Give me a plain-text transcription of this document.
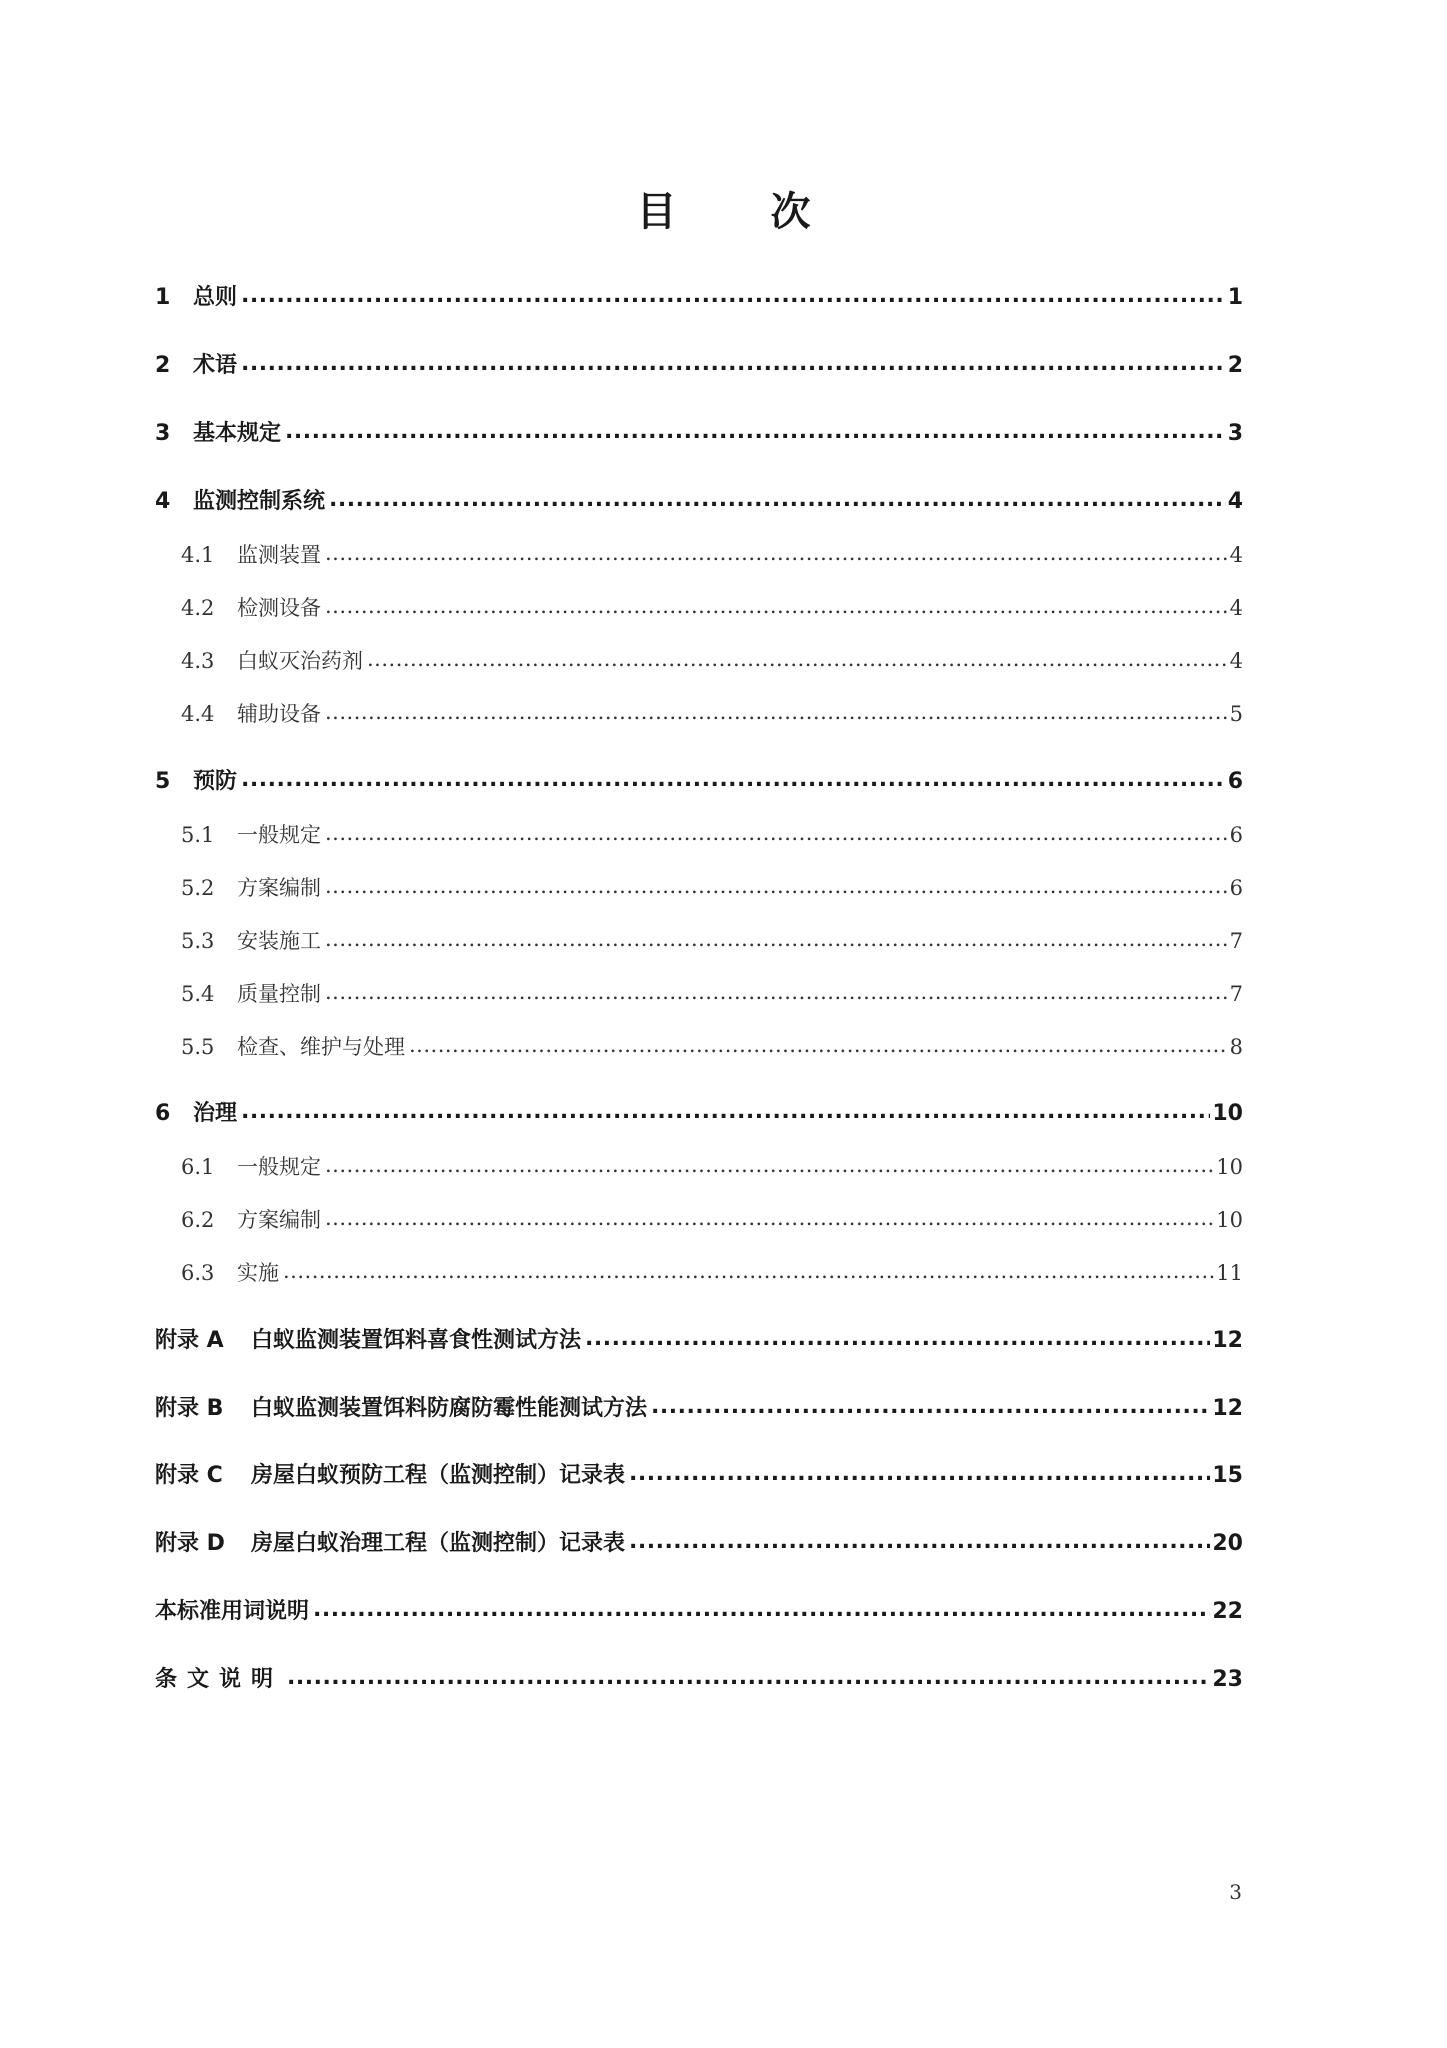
目 次
1	总则 .....	1
2	术语 .....	2
3	基本规定 .....	3
4	监测控制系统 .....	4
4.1	监测装置 .....	4
4.2	检测设备 .....	4
4.3	白蚁灭治药剂 .....	4
4.4	辅助设备 .....	5
5	预防 .....	6
5.1	一般规定 .....	6
5.2	方案编制 .....	6
5.3	安装施工 .....	7
5.4	质量控制 .....	7
5.5	检查、维护与处理 .....	8
6	治理 .....	10
6.1	一般规定 .....	10
6.2	方案编制 .....	10
6.3	实施 .....	11
附录 A	白蚁监测装置饵料喜食性测试方法 .....	12
附录 B	白蚁监测装置饵料防腐防霉性能测试方法 .....	12
附录 C	房屋白蚁预防工程（监测控制）记录表 .....	15
附录 D	房屋白蚁治理工程（监测控制）记录表 .....	20
本标准用词说明 .....	22
条文说明 .....	23
3
